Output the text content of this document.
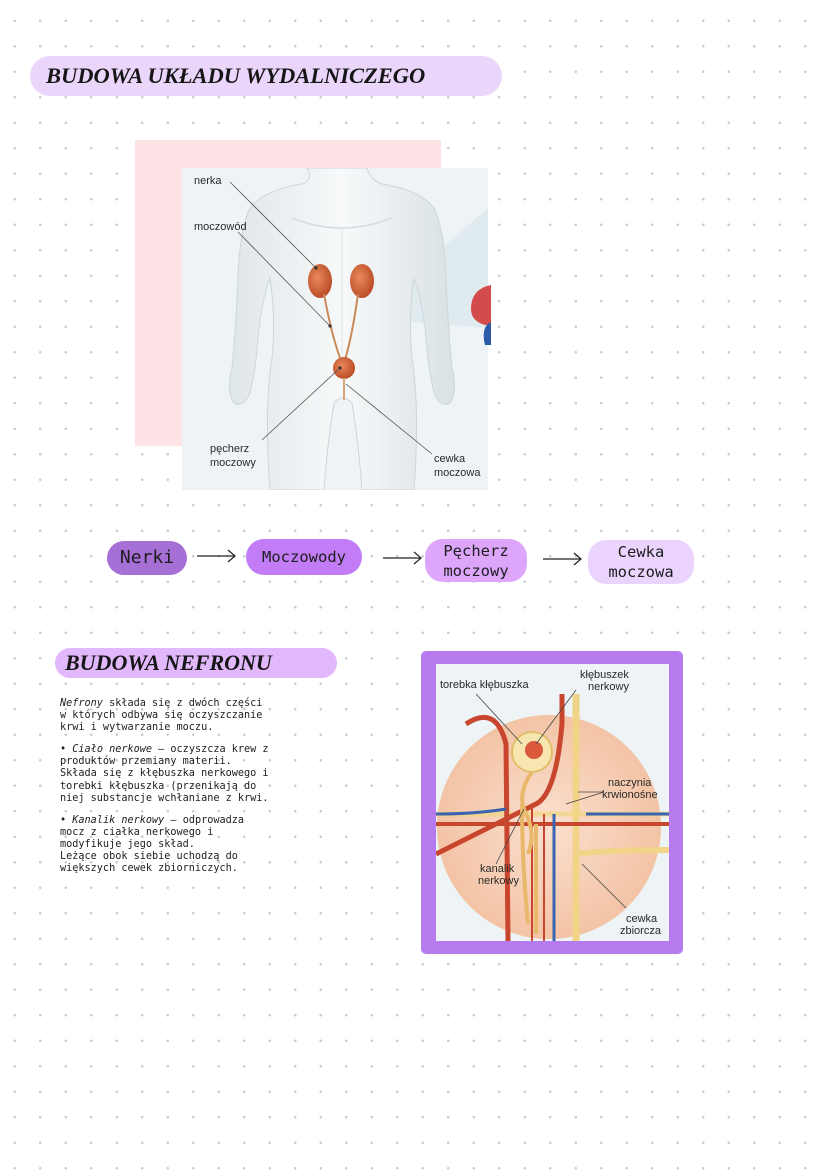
BUDOWA UKŁADU WYDALNICZEGO
nerka
moczowód
pęcherz
moczowy	cewka
moczowa
Nerki	Moczowody	Pęcherz moczowy
Cewka moczowa
BUDOWA NEFRONU

Nefrony składa się z dwóch części
w których odbywa się oczyszczanie
krwi i wytwarzanie moczu.

• Ciało nerkowe – oczyszcza krew z
produktów przemiany materii.
Składa się z kłębuszka nerkowego i
torebki kłębuszka (przenikają do
niej substancje wchłaniane z krwi.

• Kanalik nerkowy – odprowadza
mocz z ciałka nerkowego i
modyfikuje jego skład.
Leżące obok siebie uchodzą do
większych cewek zbiorniczych.

torebka kłębuszka
kłębuszek
nerkowy
naczynia
krwionośne
kanalik
nerkowy
cewka
zbiorcza
